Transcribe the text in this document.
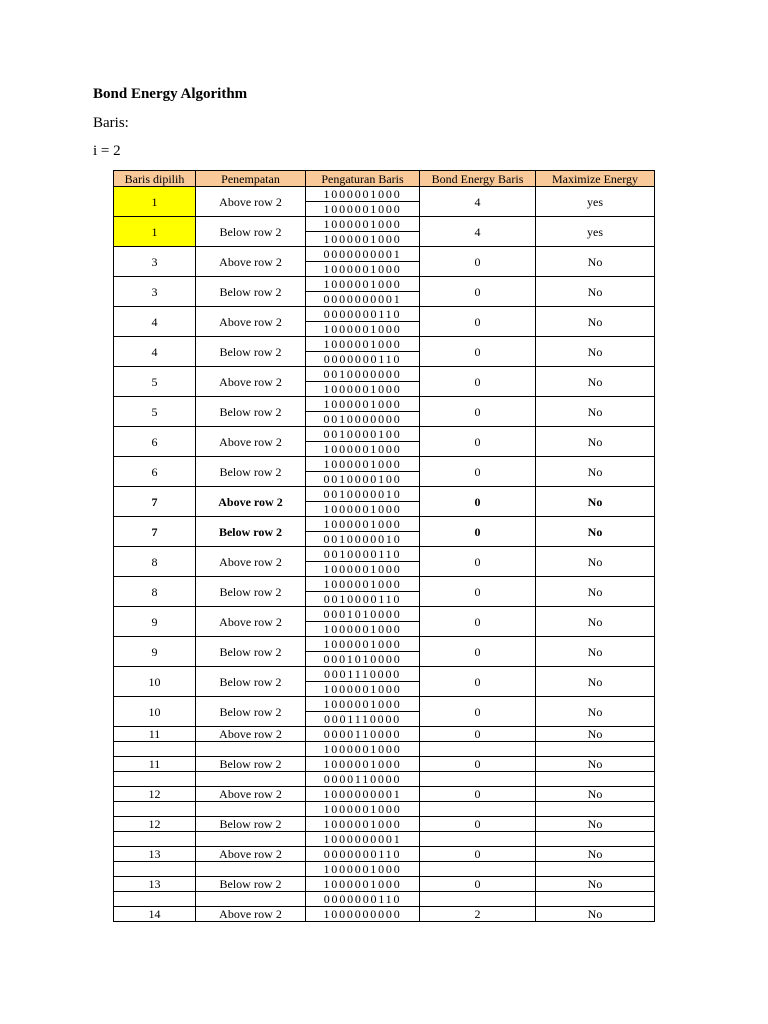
Bond Energy Algorithm

Baris:

i = 2

Baris dipilih	Penempatan	Pengaturan Baris	Bond Energy Baris	Maximize Energy
1	Above row 2	1000001000	4	yes
		1000001000		
1	Below row 2	1000001000	4	yes
		1000001000		
3	Above row 2	0000000001	0	No
		1000001000		
3	Below row 2	1000001000	0	No
		0000000001		
4	Above row 2	0000000110	0	No
		1000001000		
4	Below row 2	1000001000	0	No
		0000000110		
5	Above row 2	0010000000	0	No
		1000001000		
5	Below row 2	1000001000	0	No
		0010000000		
6	Above row 2	0010000100	0	No
		1000001000		
6	Below row 2	1000001000	0	No
		0010000100		
7	Above row 2	0010000010	0	No
		1000001000		
7	Below row 2	1000001000	0	No
		0010000010		
8	Above row 2	0010000110	0	No
		1000001000		
8	Below row 2	1000001000	0	No
		0010000110		
9	Above row 2	0001010000	0	No
		1000001000		
9	Below row 2	1000001000	0	No
		0001010000		
10	Below row 2	0001110000	0	No
		1000001000		
10	Below row 2	1000001000	0	No
		0001110000		
11	Above row 2	0000110000	0	No
		1000001000		
11	Below row 2	1000001000	0	No
		0000110000		
12	Above row 2	1000000001	0	No
		1000001000		
12	Below row 2	1000001000	0	No
		1000000001		
13	Above row 2	0000000110	0	No
		1000001000		
13	Below row 2	1000001000	0	No
		0000000110		
14	Above row 2	1000000000	2	No
